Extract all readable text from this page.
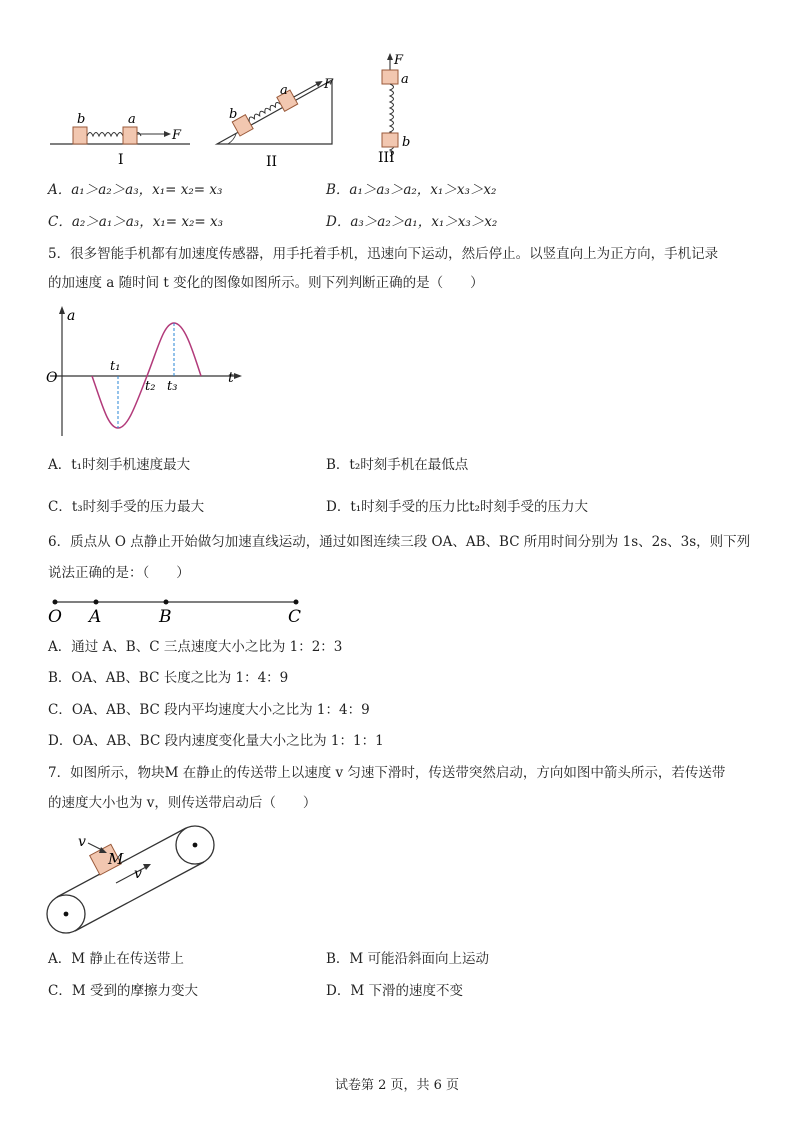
b	a
F
I
b
a	F
II
F
a
b
III
A．a₁＞a₂＞a₃，x₁= x₂= x₃	B．a₁＞a₃＞a₂，x₁＞x₃＞x₂
C．a₂＞a₁＞a₃，x₁= x₂= x₃	D．a₃＞a₂＞a₁，x₁＞x₃＞x₂
5．很多智能手机都有加速度传感器，用手托着手机，迅速向下运动，然后停止。以竖直向上为正方向，手机记录
的加速度 a 随时间 t 变化的图像如图所示。则下列判断正确的是（　　）
a
t
O
t₁
t₂ t₃
A．t₁时刻手机速度最大	B．t₂时刻手机在最低点
C．t₃时刻手受的压力最大	D．t₁时刻手受的压力比t₂时刻手受的压力大
6．质点从 O 点静止开始做匀加速直线运动，通过如图连续三段 OA、AB、BC 所用时间分别为 1s、2s、3s，则下列
说法正确的是：（　　）
O A	B	C
A．通过 A、B、C 三点速度大小之比为 1：2：3
B．OA、AB、BC 长度之比为 1：4：9
C．OA、AB、BC 段内平均速度大小之比为 1：4：9
D．OA、AB、BC 段内速度变化量大小之比为 1：1：1
7．如图所示，物块M 在静止的传送带上以速度 v 匀速下滑时，传送带突然启动，方向如图中箭头所示，若传送带
的速度大小也为 v，则传送带启动后（　　）
M
v
v
A．M 静止在传送带上	B．M 可能沿斜面向上运动
C．M 受到的摩擦力变大	D．M 下滑的速度不变
试卷第 2 页，共 6 页
